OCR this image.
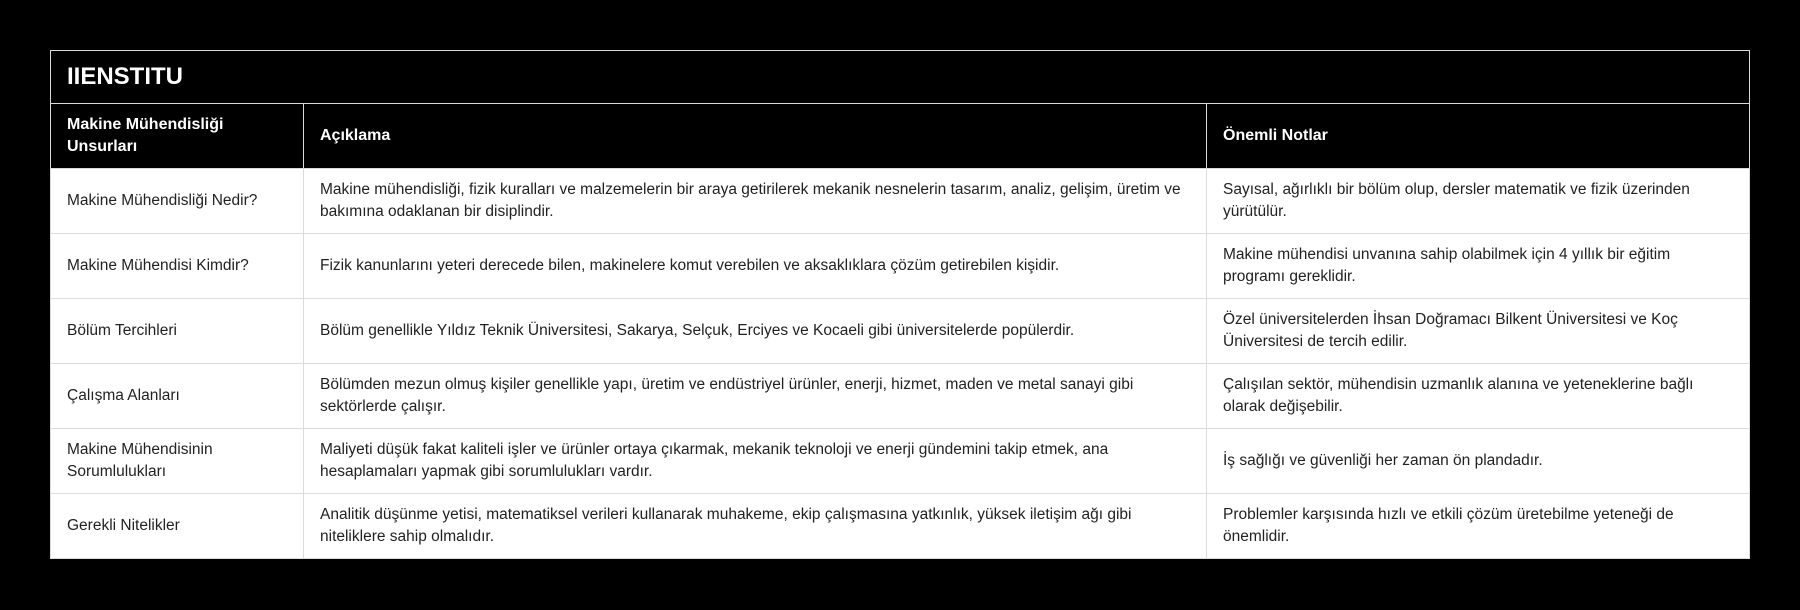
IIENSTITU		
Makine Mühendisliği Unsurları	Açıklama	Önemli Notlar
Makine Mühendisliği Nedir?	Makine mühendisliği, fizik kuralları ve malzemelerin bir araya getirilerek mekanik nesnelerin tasarım, analiz, gelişim, üretim ve bakımına odaklanan bir disiplindir.	Sayısal, ağırlıklı bir bölüm olup, dersler matematik ve fizik üzerinden yürütülür.
Makine Mühendisi Kimdir?	Fizik kanunlarını yeteri derecede bilen, makinelere komut verebilen ve aksaklıklara çözüm getirebilen kişidir.	Makine mühendisi unvanına sahip olabilmek için 4 yıllık bir eğitim programı gereklidir.
Bölüm Tercihleri	Bölüm genellikle Yıldız Teknik Üniversitesi, Sakarya, Selçuk, Erciyes ve Kocaeli gibi üniversitelerde popülerdir.	Özel üniversitelerden İhsan Doğramacı Bilkent Üniversitesi ve Koç Üniversitesi de tercih edilir.
Çalışma Alanları	Bölümden mezun olmuş kişiler genellikle yapı, üretim ve endüstriyel ürünler, enerji, hizmet, maden ve metal sanayi gibi sektörlerde çalışır.	Çalışılan sektör, mühendisin uzmanlık alanına ve yeteneklerine bağlı olarak değişebilir.
Makine Mühendisinin Sorumlulukları	Maliyeti düşük fakat kaliteli işler ve ürünler ortaya çıkarmak, mekanik teknoloji ve enerji gündemini takip etmek, ana hesaplamaları yapmak gibi sorumlulukları vardır.	İş sağlığı ve güvenliği her zaman ön plandadır.
Gerekli Nitelikler	Analitik düşünme yetisi, matematiksel verileri kullanarak muhakeme, ekip çalışmasına yatkınlık, yüksek iletişim ağı gibi niteliklere sahip olmalıdır.	Problemler karşısında hızlı ve etkili çözüm üretebilme yeteneği de önemlidir.
